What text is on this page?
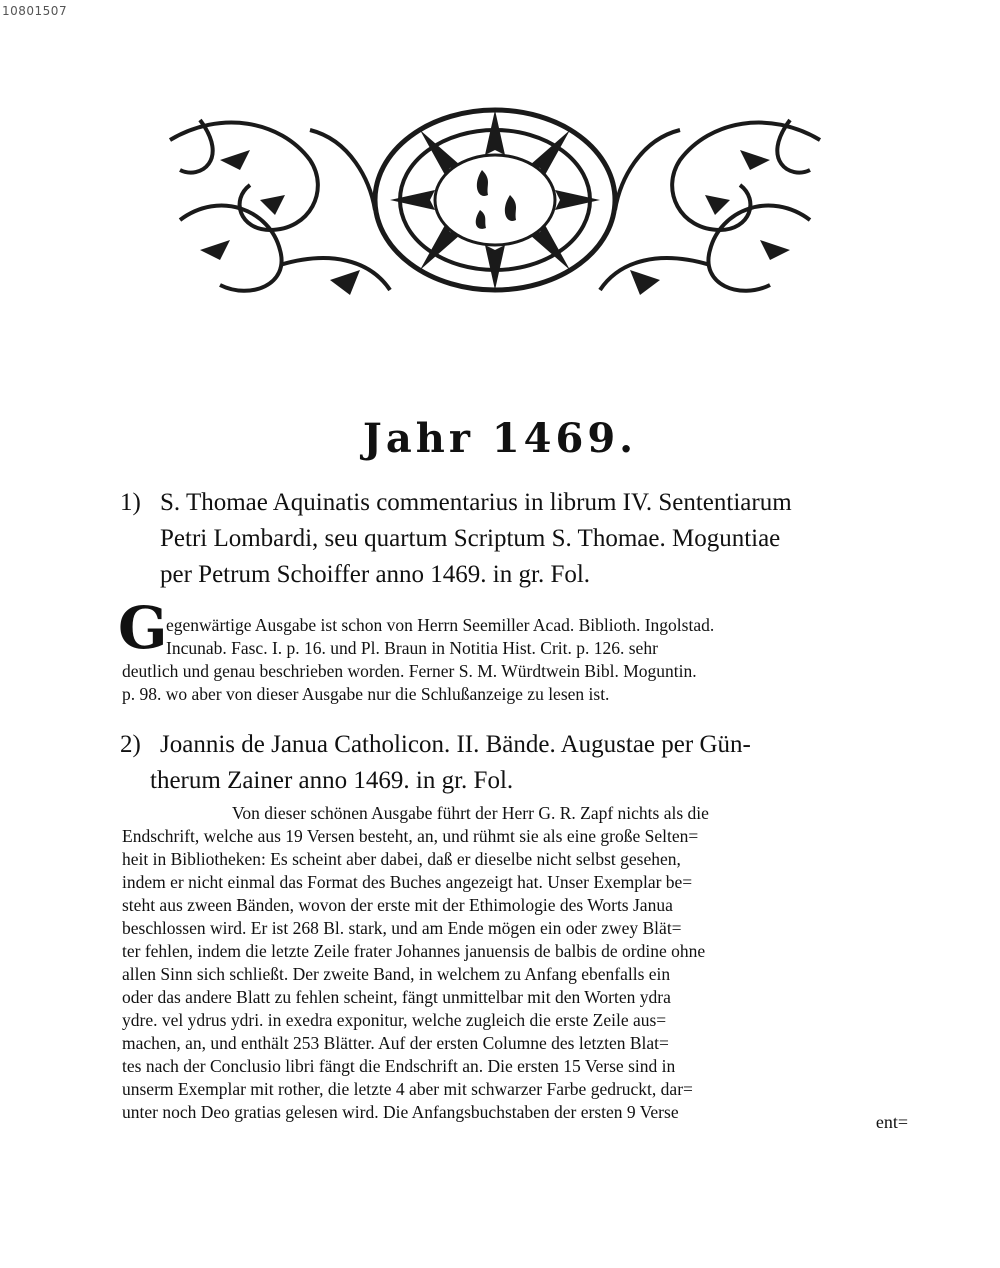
10801507
Jahr 1469.
1) S. Thomae Aquinatis commentarius in librum IV. Sententiarum
Petri Lombardi, seu quartum Scriptum S. Thomae. Moguntiae
per Petrum Schoiffer anno 1469. in gr. Fol.
G
egenwärtige Ausgabe ist schon von Herrn Seemiller Acad. Biblioth. Ingolstad.
Incunab. Fasc. I. p. 16. und Pl. Braun in Notitia Hist. Crit. p. 126. sehr
deutlich und genau beschrieben worden. Ferner S. M. Würdtwein Bibl. Moguntin.
p. 98. wo aber von dieser Ausgabe nur die Schlußanzeige zu lesen ist.
2) Joannis de Janua Catholicon. II. Bände. Augustae per Gün-
therum Zainer anno 1469. in gr. Fol.
Von dieser schönen Ausgabe führt der Herr G. R. Zapf nichts als die
Endschrift, welche aus 19 Versen besteht, an, und rühmt sie als eine große Selten=
heit in Bibliotheken: Es scheint aber dabei, daß er dieselbe nicht selbst gesehen,
indem er nicht einmal das Format des Buches angezeigt hat. Unser Exemplar be=
steht aus zween Bänden, wovon der erste mit der Ethimologie des Worts Janua
beschlossen wird. Er ist 268 Bl. stark, und am Ende mögen ein oder zwey Blät=
ter fehlen, indem die letzte Zeile frater Johannes januensis de balbis de ordine ohne
allen Sinn sich schließt. Der zweite Band, in welchem zu Anfang ebenfalls ein
oder das andere Blatt zu fehlen scheint, fängt unmittelbar mit den Worten ydra
ydre. vel ydrus ydri. in exedra exponitur, welche zugleich die erste Zeile aus=
machen, an, und enthält 253 Blätter. Auf der ersten Columne des letzten Blat=
tes nach der Conclusio libri fängt die Endschrift an. Die ersten 15 Verse sind in
unserm Exemplar mit rother, die letzte 4 aber mit schwarzer Farbe gedruckt, dar=
unter noch Deo gratias gelesen wird. Die Anfangsbuchstaben der ersten 9 Verse	ent=
